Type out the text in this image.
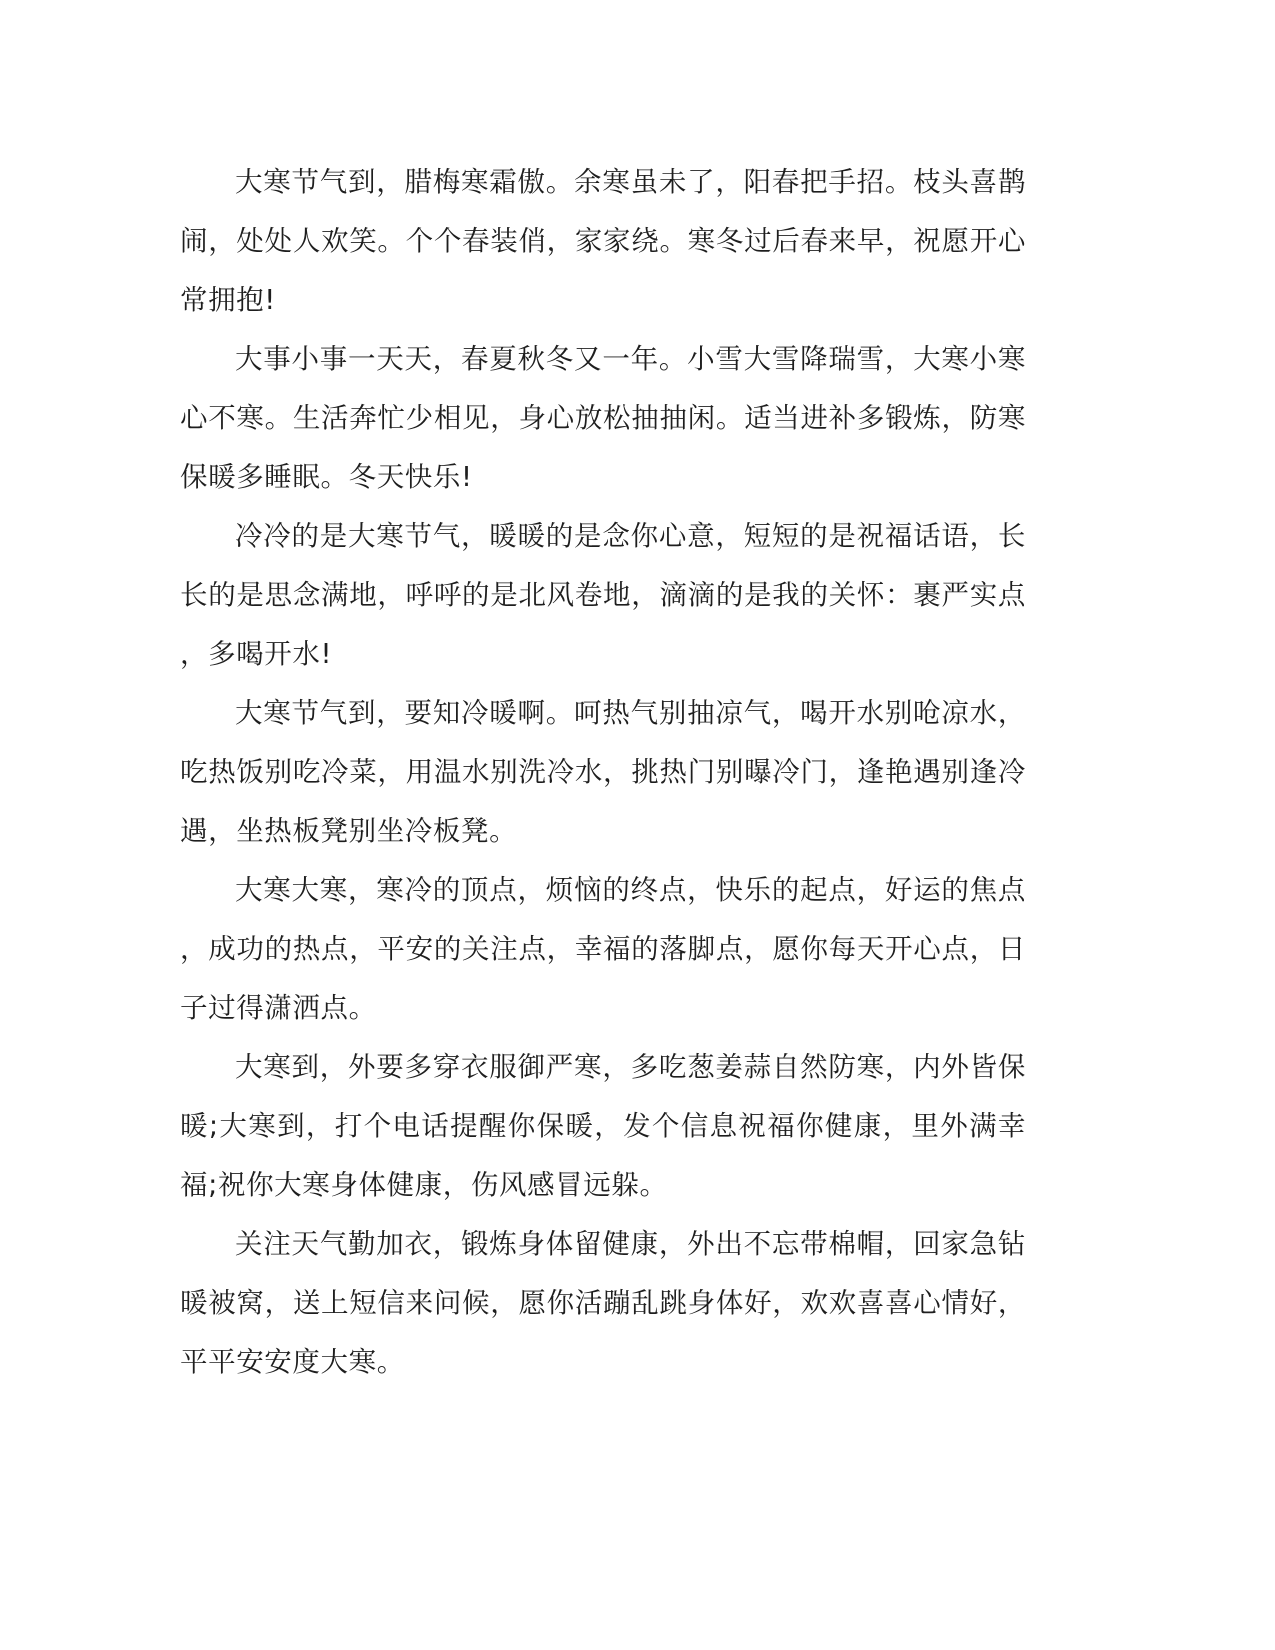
大寒节气到，腊梅寒霜傲。余寒虽未了，阳春把手招。枝头喜鹊闹，处处人欢笑。个个春装俏，家家绕。寒冬过后春来早，祝愿开心常拥抱!

大事小事一天天，春夏秋冬又一年。小雪大雪降瑞雪，大寒小寒心不寒。生活奔忙少相见，身心放松抽抽闲。适当进补多锻炼，防寒保暖多睡眠。冬天快乐!

冷冷的是大寒节气，暖暖的是念你心意，短短的是祝福话语，长长的是思念满地，呼呼的是北风卷地，滴滴的是我的关怀：裹严实点，多喝开水!

大寒节气到，要知冷暖啊。呵热气别抽凉气，喝开水别呛凉水，吃热饭别吃冷菜，用温水别洗冷水，挑热门别曝冷门，逢艳遇别逢冷遇，坐热板凳别坐冷板凳。

大寒大寒，寒冷的顶点，烦恼的终点，快乐的起点，好运的焦点，成功的热点，平安的关注点，幸福的落脚点，愿你每天开心点，日子过得潇洒点。

大寒到，外要多穿衣服御严寒，多吃葱姜蒜自然防寒，内外皆保暖;大寒到，打个电话提醒你保暖，发个信息祝福你健康，里外满幸福;祝你大寒身体健康，伤风感冒远躲。

关注天气勤加衣，锻炼身体留健康，外出不忘带棉帽，回家急钻暖被窝，送上短信来问候，愿你活蹦乱跳身体好，欢欢喜喜心情好，平平安安度大寒。
